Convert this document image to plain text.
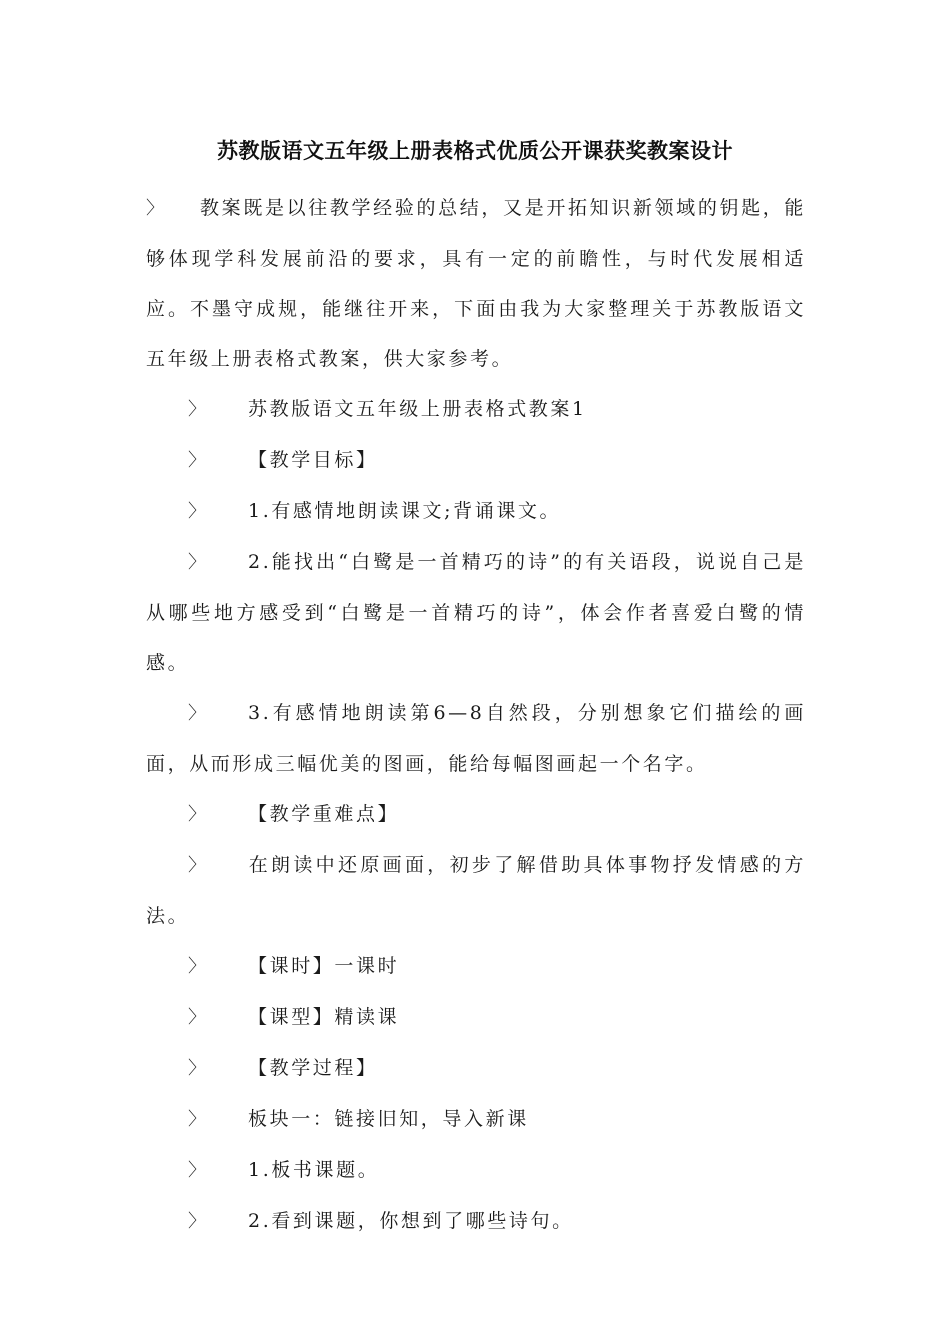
苏教版语文五年级上册表格式优质公开课获奖教案设计

〉 教案既是以往教学经验的总结，又是开拓知识新领域的钥匙，能够体现学科发展前沿的要求，具有一定的前瞻性，与时代发展相适应。不墨守成规，能继往开来，下面由我为大家整理关于苏教版语文五年级上册表格式教案，供大家参考。

〉 苏教版语文五年级上册表格式教案1

〉 【教学目标】

〉 1.有感情地朗读课文;背诵课文。

〉 2.能找出“白鹭是一首精巧的诗”的有关语段，说说自己是从哪些地方感受到“白鹭是一首精巧的诗”，体会作者喜爱白鹭的情感。

〉 3.有感情地朗读第6—8自然段，分别想象它们描绘的画面，从而形成三幅优美的图画，能给每幅图画起一个名字。

〉 【教学重难点】

〉 在朗读中还原画面，初步了解借助具体事物抒发情感的方法。

〉 【课时】一课时

〉 【课型】精读课

〉 【教学过程】

〉 板块一：链接旧知，导入新课

〉 1.板书课题。

〉 2.看到课题，你想到了哪些诗句。
